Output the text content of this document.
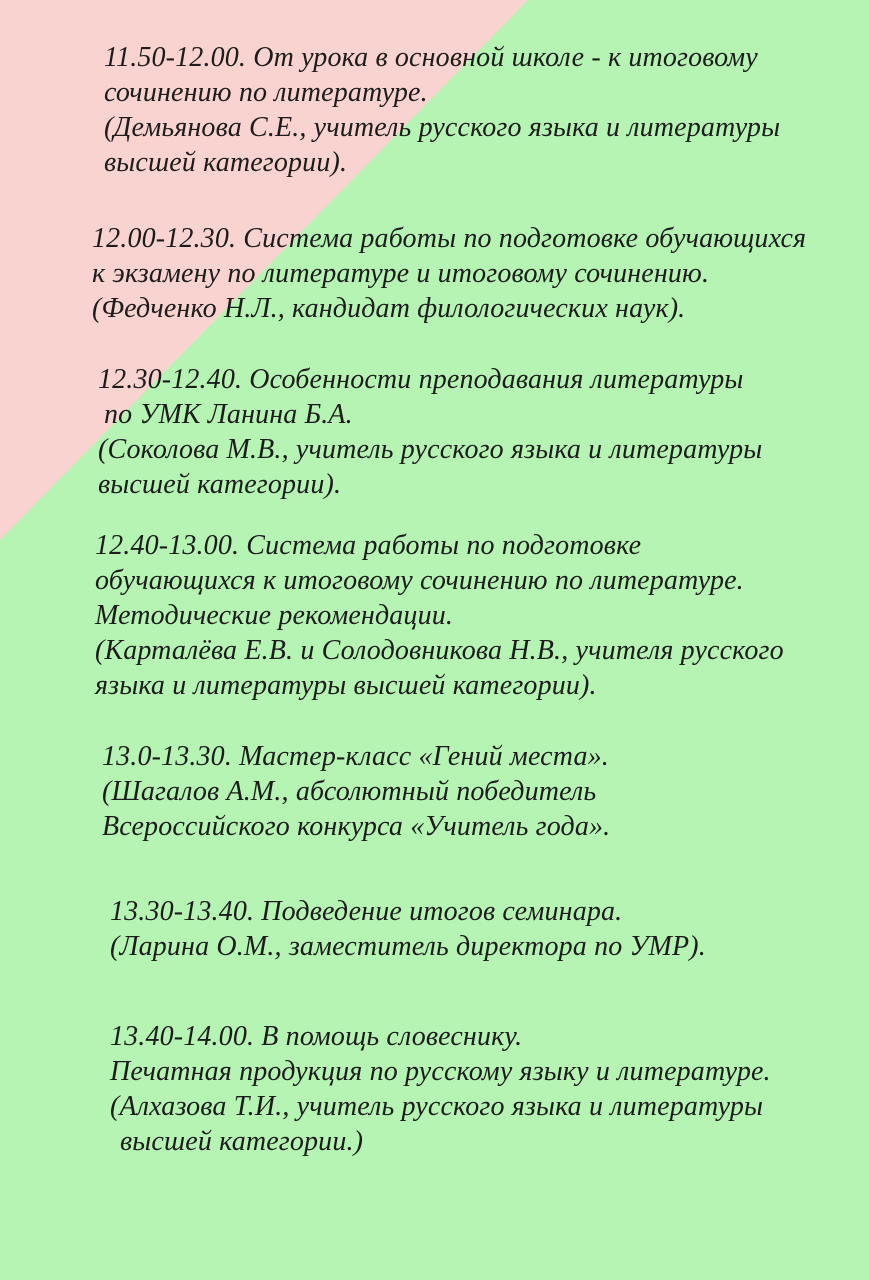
11.50-12.00. От урока в основной школе - к итоговому
сочинению по литературе.
(Демьянова С.Е., учитель русского языка и литературы
высшей категории).
12.00-12.30. Система работы по подготовке обучающихся
к экзамену по литературе и итоговому сочинению.
(Федченко Н.Л., кандидат филологических наук).
12.30-12.40. Особенности преподавания литературы
по УМК Ланина Б.А.
(Соколова М.В., учитель русского языка и литературы
высшей категории).
12.40-13.00. Система работы по подготовке
обучающихся к итоговому сочинению по литературе.
Методические рекомендации.
(Карталёва Е.В. и Солодовникова Н.В., учителя русского
языка и литературы высшей категории).
13.0-13.30. Мастер-класс «Гений места».
(Шагалов А.М., абсолютный победитель
Всероссийского конкурса «Учитель года».
13.30-13.40. Подведение итогов семинара.
(Ларина О.М., заместитель директора по УМР).
13.40-14.00. В помощь словеснику.
Печатная продукция по русскому языку и литературе.
(Алхазова Т.И., учитель русского языка и литературы
высшей категории.)
